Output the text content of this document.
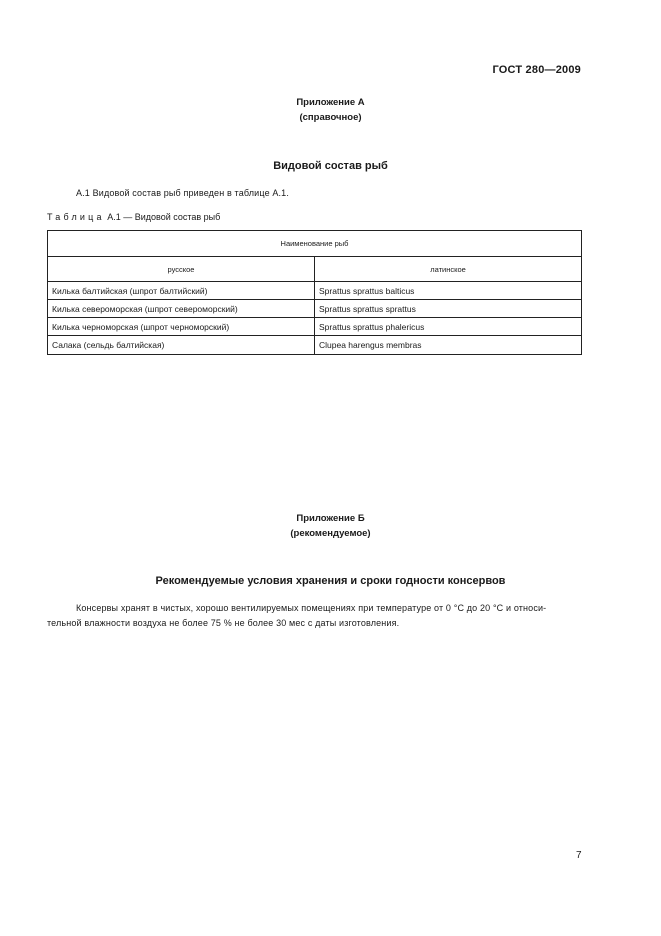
ГОСТ 280—2009
Приложение А
(справочное)
Видовой состав рыб
А.1 Видовой состав рыб приведен в таблице А.1.
Таблица А.1 — Видовой состав рыб
Наименование рыб	
русское	латинское
Килька балтийская (шпрот балтийский)	Sprattus sprattus balticus
Килька североморская (шпрот североморский)	Sprattus sprattus sprattus
Килька черноморская (шпрот черноморский)	Sprattus sprattus phalericus
Салака (сельдь балтийская)	Clupea harengus membras
Приложение Б
(рекомендуемое)
Рекомендуемые условия хранения и сроки годности консервов
Консервы хранят в чистых, хорошо вентилируемых помещениях при температуре от 0 °С до 20 °С и относи-
тельной влажности воздуха не более 75 % не более 30 мес с даты изготовления.
7
